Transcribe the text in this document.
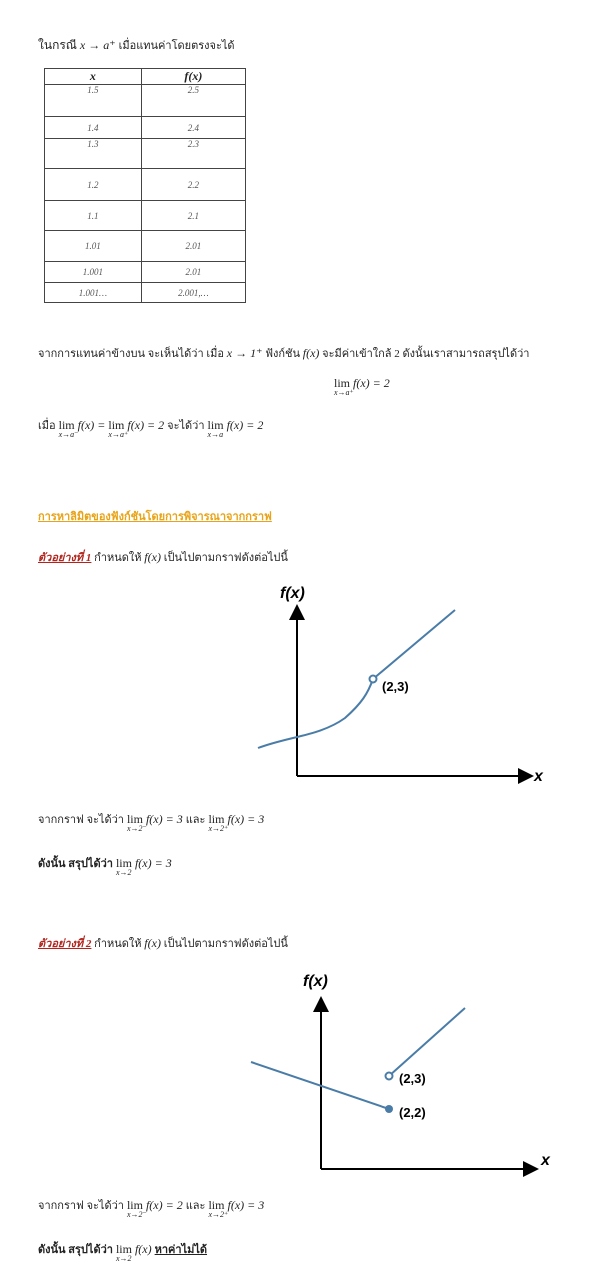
ในกรณี x → a⁺ เมื่อแทนค่าโดยตรงจะได้
x	f(x)
1.5	2.5
1.4	2.4
1.3	2.3
1.2	2.2
1.1	2.1
1.01	2.01
1.001	2.01
1.001…	2.001,…
จากการแทนค่าข้างบน จะเห็นได้ว่า เมื่อ x → 1⁺ ฟังก์ชัน f(x) จะมีค่าเข้าใกล้ 2 ดังนั้นเราสามารถสรุปได้ว่า
lim
x→a⁺
f(x) = 2
เมื่อ lim
x→a⁻
f(x) = lim
x→a⁺
f(x) = 2 จะได้ว่า lim
x→a
f(x) = 2
การหาลิมิตของฟังก์ชันโดยการพิจารณาจากกราฟ
ตัวอย่างที่ 1 กำหนดให้ f(x) เป็นไปตามกราฟดังต่อไปนี้
f(x)
x
(2,3)
จากกราฟ จะได้ว่า lim
x→2⁻
f(x) = 3 และ lim
x→2⁺
f(x) = 3
ดังนั้น สรุปได้ว่า lim
x→2
f(x) = 3
ตัวอย่างที่ 2 กำหนดให้ f(x) เป็นไปตามกราฟดังต่อไปนี้
f(x)
x
(2,3)
(2,2)
จากกราฟ จะได้ว่า lim
x→2⁻
f(x) = 2 และ lim
x→2⁺
f(x) = 3
ดังนั้น สรุปได้ว่า lim
x→2
f(x) หาค่าไม่ได้
